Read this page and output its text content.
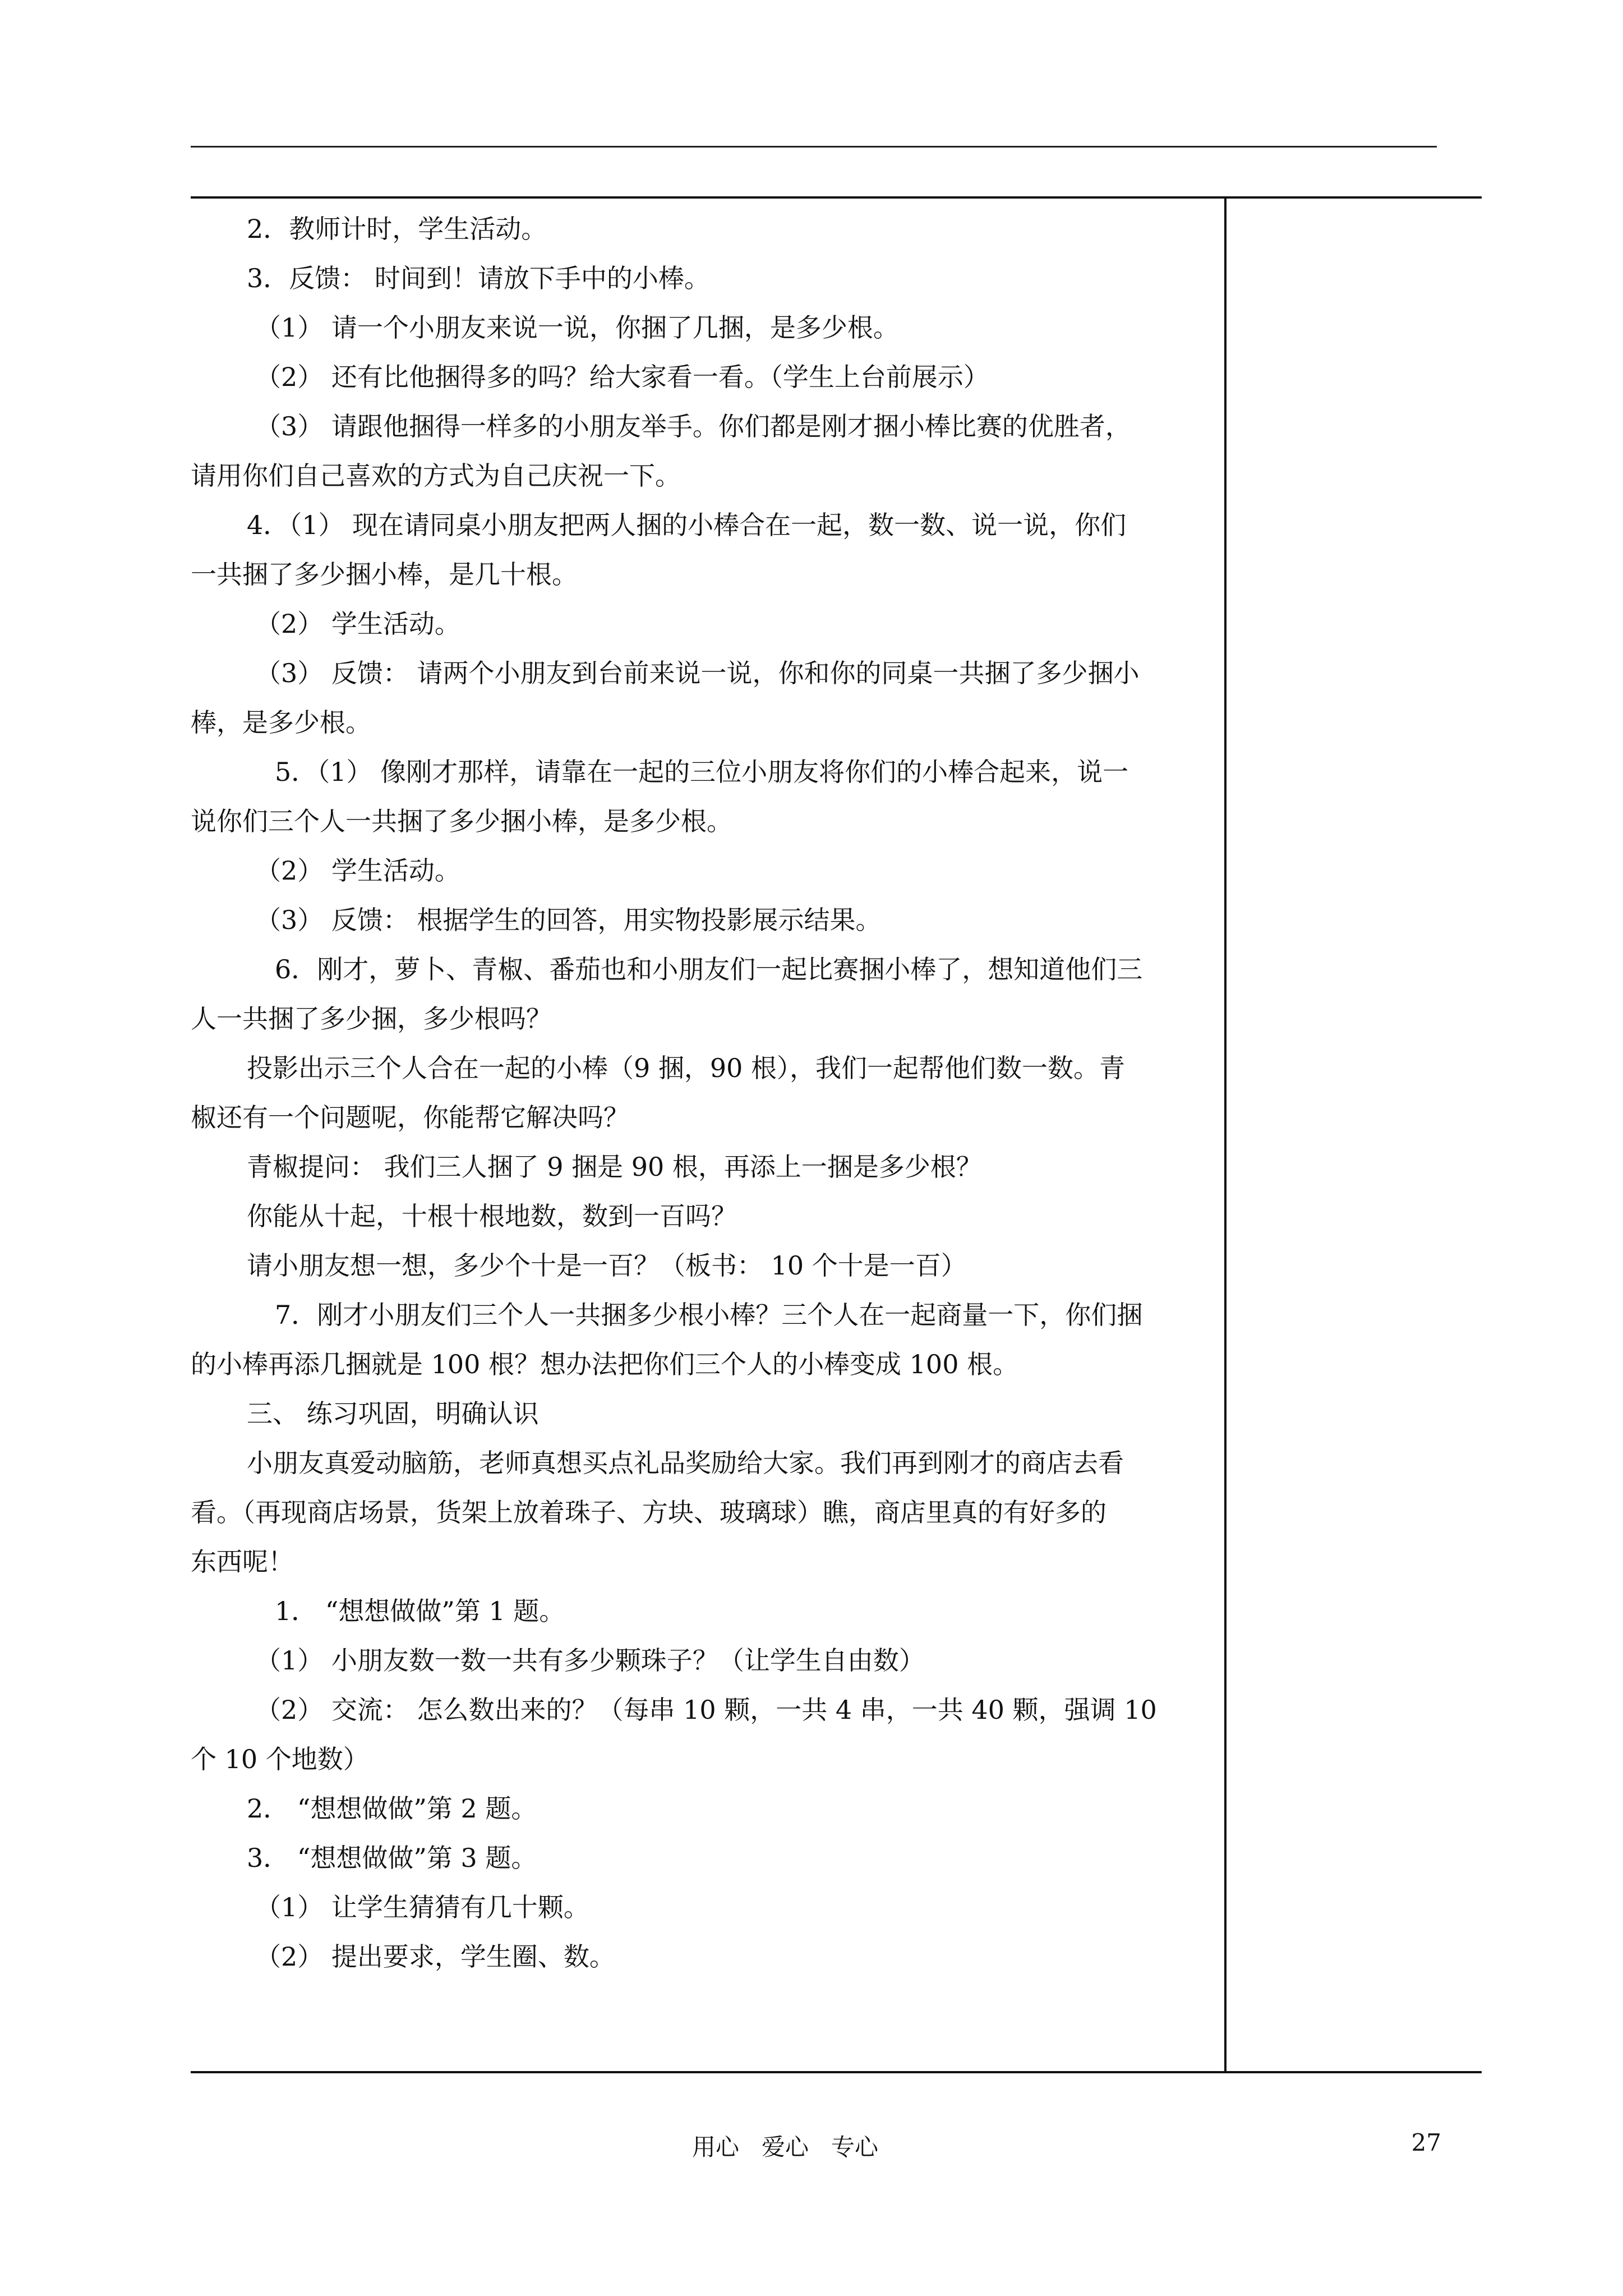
2．教师计时，学生活动。
3．反馈： 时间到！请放下手中的小棒。
（1） 请一个小朋友来说一说，你捆了几捆，是多少根。
（2） 还有比他捆得多的吗？给大家看一看。（学生上台前展示）
（3） 请跟他捆得一样多的小朋友举手。你们都是刚才捆小棒比赛的优胜者，
请用你们自己喜欢的方式为自己庆祝一下。
4．（1） 现在请同桌小朋友把两人捆的小棒合在一起，数一数、说一说，你们
一共捆了多少捆小棒，是几十根。
（2） 学生活动。
（3） 反馈： 请两个小朋友到台前来说一说，你和你的同桌一共捆了多少捆小
棒，是多少根。
5．（1） 像刚才那样，请靠在一起的三位小朋友将你们的小棒合起来，说一
说你们三个人一共捆了多少捆小棒，是多少根。
（2） 学生活动。
（3） 反馈： 根据学生的回答，用实物投影展示结果。
6．刚才，萝卜、青椒、番茄也和小朋友们一起比赛捆小棒了，想知道他们三
人一共捆了多少捆，多少根吗？
投影出示三个人合在一起的小棒（9 捆，90 根），我们一起帮他们数一数。青
椒还有一个问题呢，你能帮它解决吗？
青椒提问： 我们三人捆了 9 捆是 90 根，再添上一捆是多少根？
你能从十起，十根十根地数，数到一百吗？
请小朋友想一想，多少个十是一百？（板书： 10 个十是一百）
7．刚才小朋友们三个人一共捆多少根小棒？三个人在一起商量一下，你们捆
的小棒再添几捆就是 100 根？想办法把你们三个人的小棒变成 100 根。
三、 练习巩固，明确认识
小朋友真爱动脑筋，老师真想买点礼品奖励给大家。我们再到刚才的商店去看
看。（再现商店场景，货架上放着珠子、方块、玻璃球）瞧，商店里真的有好多的
东西呢！
1． “想想做做”第 1 题。
（1） 小朋友数一数一共有多少颗珠子？（让学生自由数）
（2） 交流： 怎么数出来的？（每串 10 颗，一共 4 串，一共 40 颗，强调 10
个 10 个地数）
2． “想想做做”第 2 题。
3． “想想做做”第 3 题。
（1） 让学生猜猜有几十颗。
（2） 提出要求，学生圈、数。
用心   爱心   专心	27
